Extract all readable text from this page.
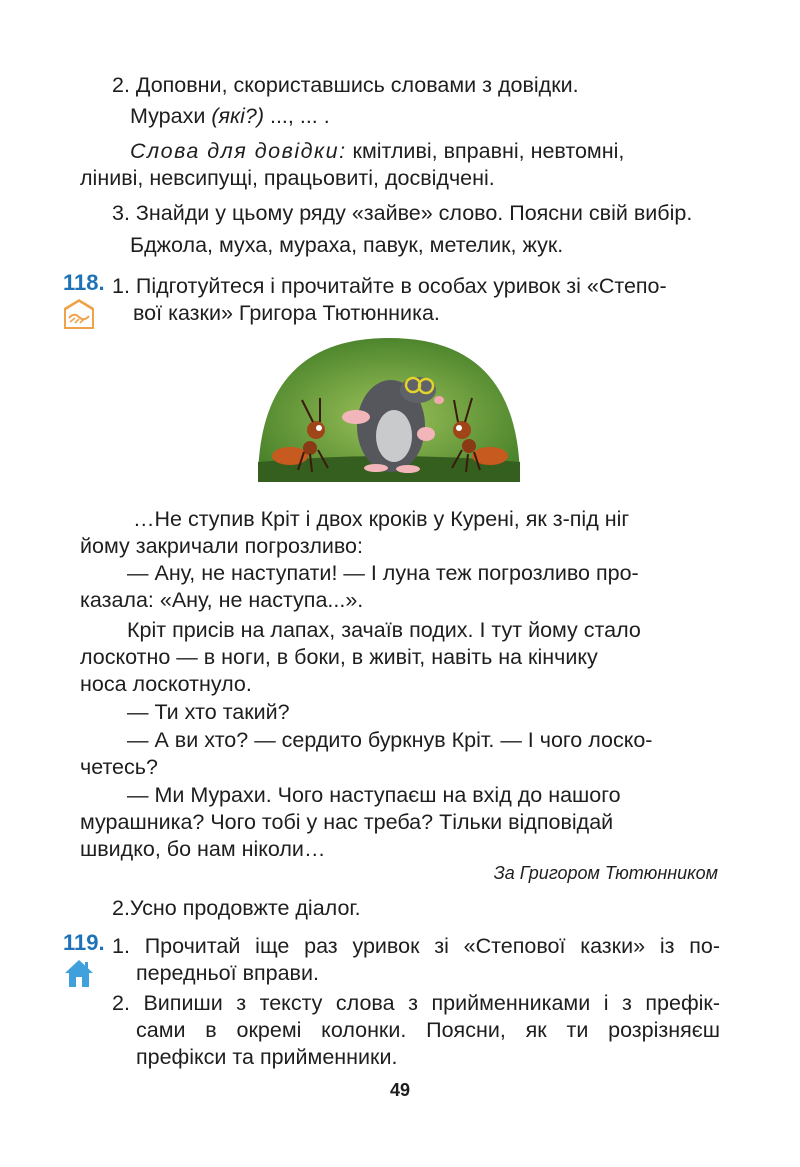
2. Доповни, скориставшись словами з довідки.
Мурахи (які?) ..., ... .
Слова для довідки: кмітливі, вправні, невтомні,
ліниві, невсипущі, працьовиті, досвідчені.
3. Знайди у цьому ряду «зайве» слово. Поясни свій вибір.
Бджола, муха, мураха, павук, метелик, жук.
118. 1. Підготуйтеся і прочитайте в особах уривок зі «Степо-
вої казки» Григора Тютюнника.
…Не ступив Кріт і двох кроків у Курені, як з-під ніг
йому закричали погрозливо:
— Ану, не наступати! — І луна теж погрозливо про-
казала: «Ану, не наступа...».
Кріт присів на лапах, зачаїв подих. І тут йому стало
лоскотно — в ноги, в боки, в живіт, навіть на кінчику
носа лоскотнуло.
— Ти хто такий?
— А ви хто? — сердито буркнув Кріт. — І чого лоско-
четесь?
— Ми Мурахи. Чого наступаєш на вхід до нашого
мурашника? Чого тобі у нас треба? Тільки відповідай
швидко, бо нам ніколи…
За Григором Тютюнником
2.Усно продовжте діалог.
119. 1. Прочитай іще раз уривок зі «Степової казки» із по-
передньої вправи.
2. Випиши з тексту слова з прийменниками і з префік-
сами в окремі колонки. Поясни, як ти розрізняєш
префікси та прийменники.
49
